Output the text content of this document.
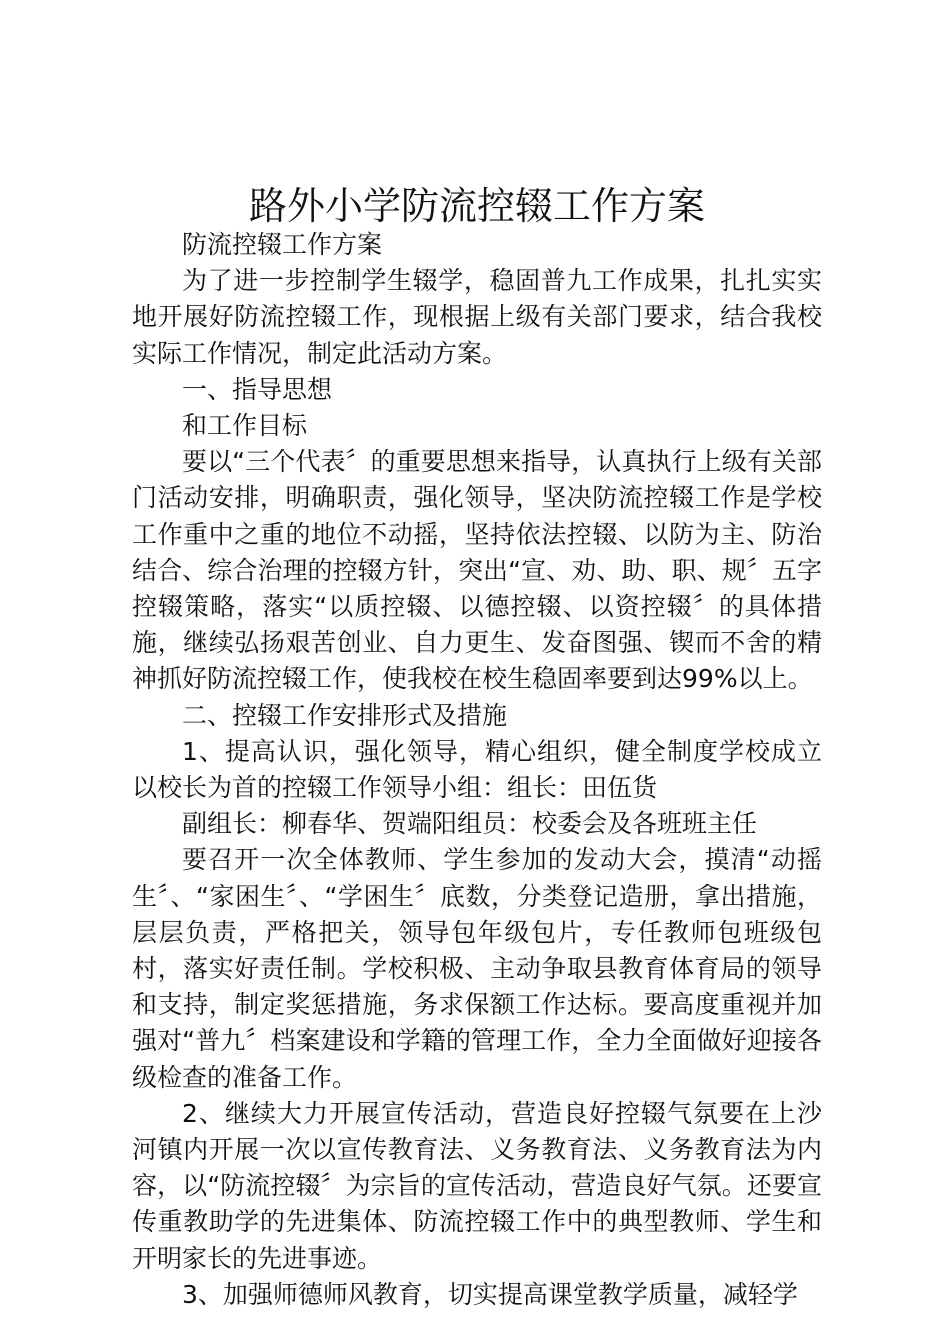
路外小学防流控辍工作方案

防流控辍工作方案

为了进一步控制学生辍学，稳固普九工作成果，扎扎实实地开展好防流控辍工作，现根据上级有关部门要求，结合我校实际工作情况，制定此活动方案。

一、指导思想

和工作目标

要以“三个代表〞的重要思想来指导，认真执行上级有关部门活动安排，明确职责，强化领导，坚决防流控辍工作是学校工作重中之重的地位不动摇，坚持依法控辍、以防为主、防治结合、综合治理的控辍方针，突出“宣、劝、助、职、规〞五字控辍策略，落实“以质控辍、以德控辍、以资控辍〞的具体措施，继续弘扬艰苦创业、自力更生、发奋图强、锲而不舍的精神抓好防流控辍工作，使我校在校生稳固率要到达99%以上。

二、控辍工作安排形式及措施

1、提高认识，强化领导，精心组织，健全制度学校成立以校长为首的控辍工作领导小组：组长：田伍货

副组长：柳春华、贺端阳组员：校委会及各班班主任

要召开一次全体教师、学生参加的发动大会，摸清“动摇生〞、“家困生〞、“学困生〞底数，分类登记造册，拿出措施，层层负责，严格把关，领导包年级包片，专任教师包班级包村，落实好责任制。学校积极、主动争取县教育体育局的领导和支持，制定奖惩措施，务求保额工作达标。要高度重视并加强对“普九〞档案建设和学籍的管理工作，全力全面做好迎接各级检查的准备工作。

2、继续大力开展宣传活动，营造良好控辍气氛要在上沙河镇内开展一次以宣传教育法、义务教育法、义务教育法为内容，以“防流控辍〞为宗旨的宣传活动，营造良好气氛。还要宣传重教助学的先进集体、防流控辍工作中的典型教师、学生和开明家长的先进事迹。

3、加强师德师风教育，切实提高课堂教学质量，减轻学
